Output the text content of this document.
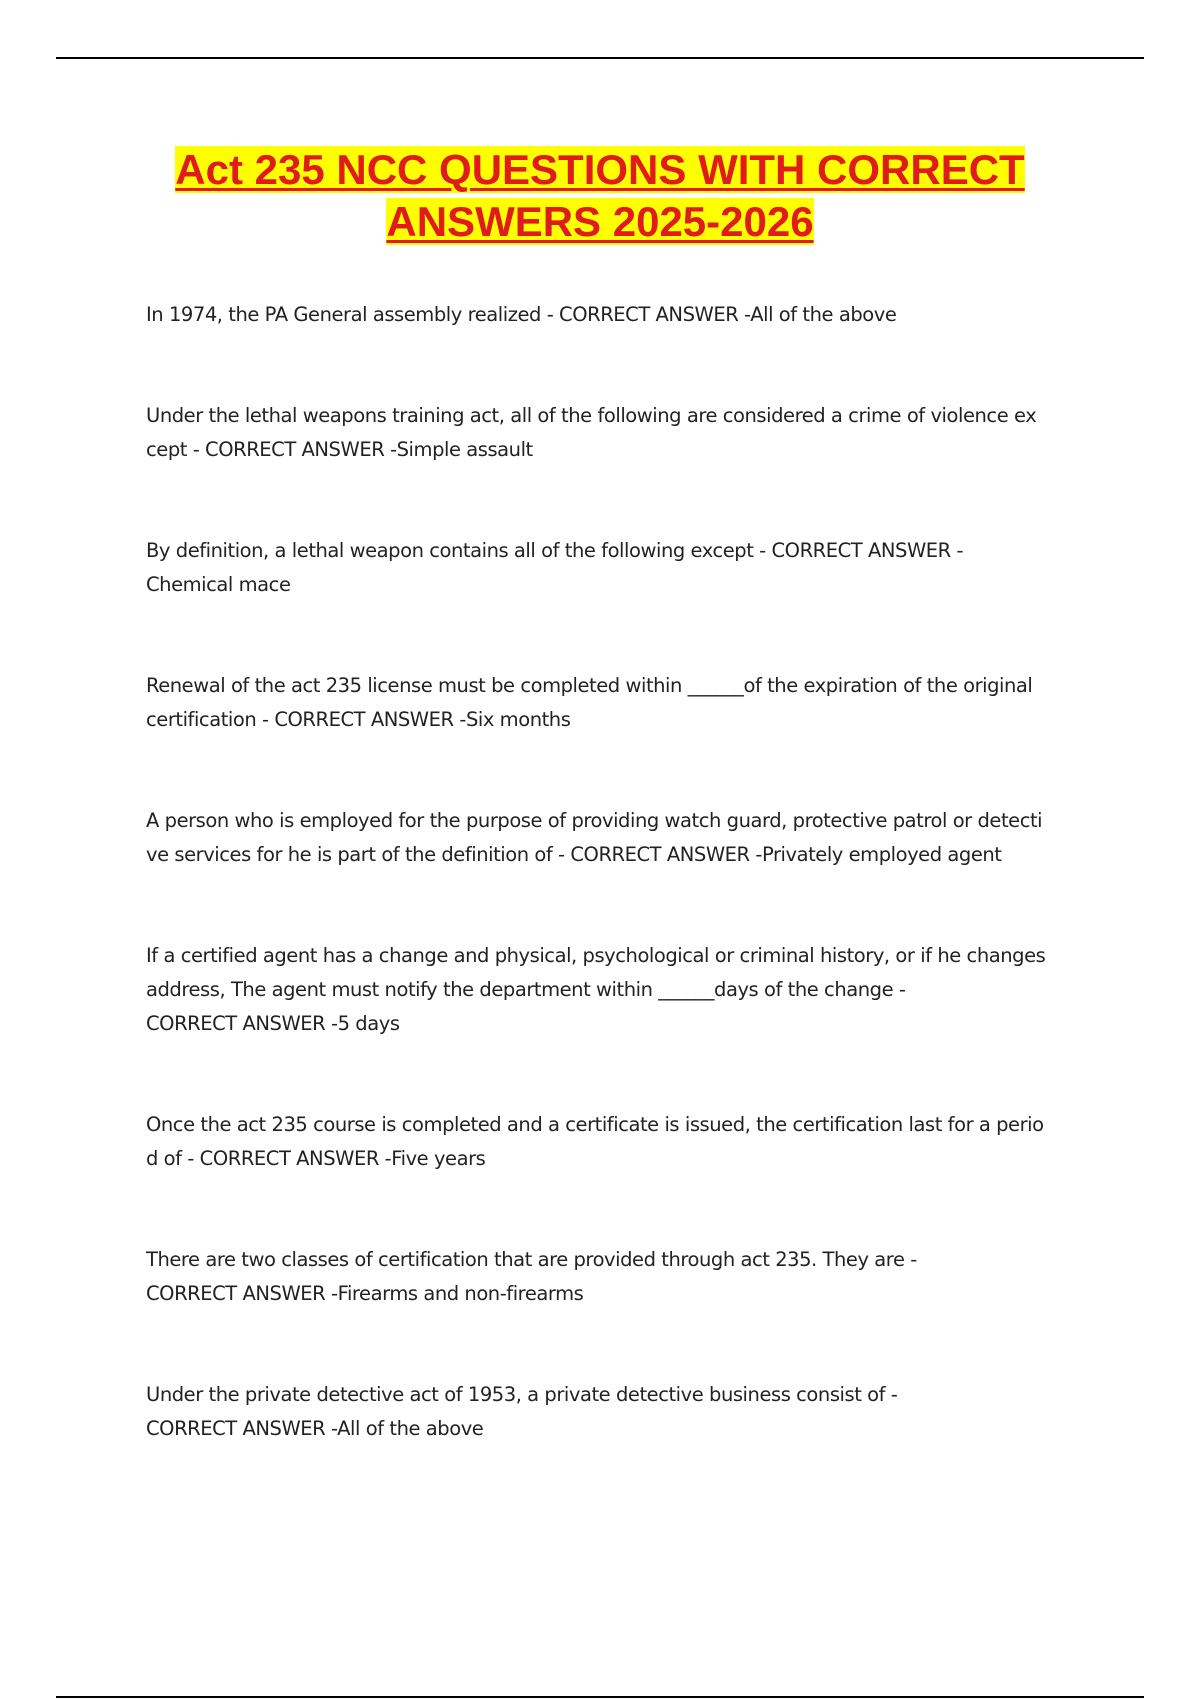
Act 235 NCC QUESTIONS WITH CORRECT
ANSWERS 2025-2026
In 1974, the PA General assembly realized - CORRECT ANSWER -All of the above
Under the lethal weapons training act, all of the following are considered a crime of violence ex
cept - CORRECT ANSWER -Simple assault
By definition, a lethal weapon contains all of the following except - CORRECT ANSWER -
Chemical mace
Renewal of the act 235 license must be completed within ______of the expiration of the original
certification - CORRECT ANSWER -Six months
A person who is employed for the purpose of providing watch guard, protective patrol or detecti
ve services for he is part of the definition of - CORRECT ANSWER -Privately employed agent
If a certified agent has a change and physical, psychological or criminal history, or if he changes
address, The agent must notify the department within ______days of the change -
CORRECT ANSWER -5 days
Once the act 235 course is completed and a certificate is issued, the certification last for a perio
d of - CORRECT ANSWER -Five years
There are two classes of certification that are provided through act 235. They are -
CORRECT ANSWER -Firearms and non-firearms
Under the private detective act of 1953, a private detective business consist of -
CORRECT ANSWER -All of the above
